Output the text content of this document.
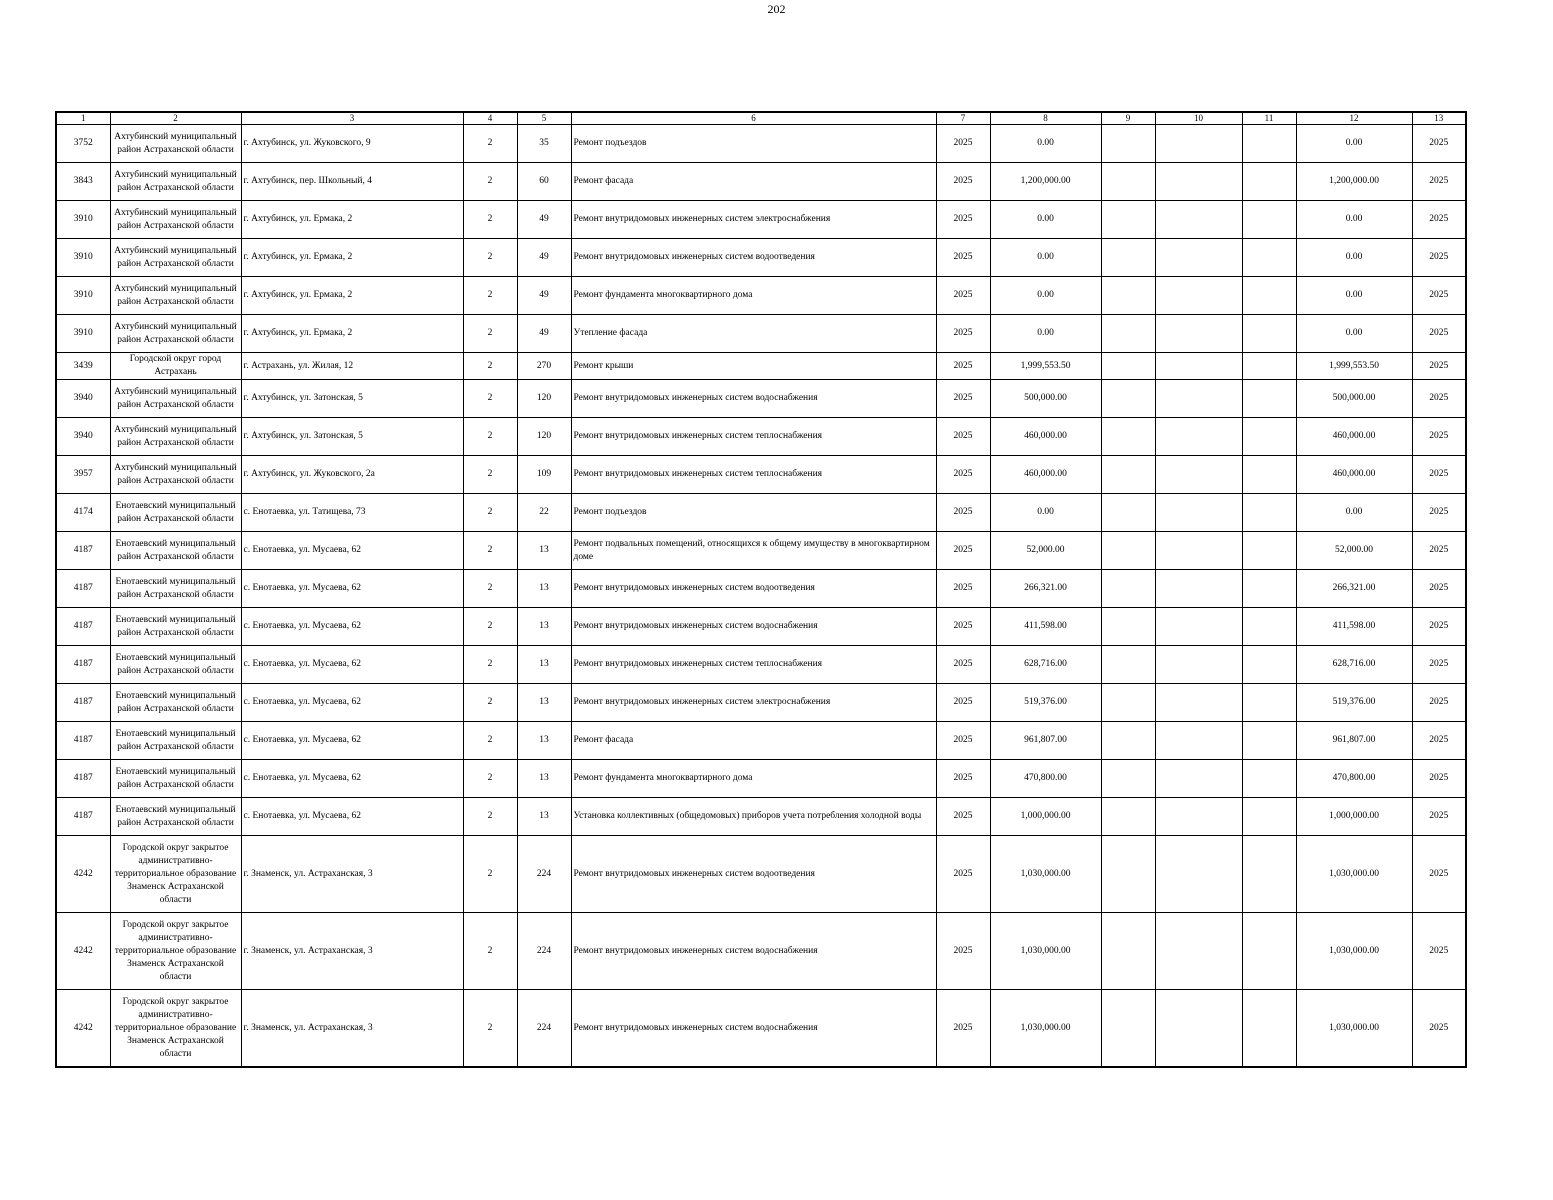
202
1	2	3	4	5	6	7	8	9	10	11	12	13
3752	Ахтубинский муниципальный район Астраханской области	г. Ахтубинск, ул. Жуковского, 9	2	35	Ремонт подъездов	2025	0.00				0.00	2025
3843	Ахтубинский муниципальный район Астраханской области	г. Ахтубинск, пер. Школьный, 4	2	60	Ремонт фасада	2025	1,200,000.00				1,200,000.00	2025
3910	Ахтубинский муниципальный район Астраханской области	г. Ахтубинск, ул. Ермака, 2	2	49	Ремонт внутридомовых инженерных систем электроснабжения	2025	0.00				0.00	2025
3910	Ахтубинский муниципальный район Астраханской области	г. Ахтубинск, ул. Ермака, 2	2	49	Ремонт внутридомовых инженерных систем водоотведения	2025	0.00				0.00	2025
3910	Ахтубинский муниципальный район Астраханской области	г. Ахтубинск, ул. Ермака, 2	2	49	Ремонт фундамента многоквартирного дома	2025	0.00				0.00	2025
3910	Ахтубинский муниципальный район Астраханской области	г. Ахтубинск, ул. Ермака, 2	2	49	Утепление фасада	2025	0.00				0.00	2025
3439	Городской округ город Астрахань	г. Астрахань, ул. Жилая, 12	2	270	Ремонт крыши	2025	1,999,553.50				1,999,553.50	2025
3940	Ахтубинский муниципальный район Астраханской области	г. Ахтубинск, ул. Затонская, 5	2	120	Ремонт внутридомовых инженерных систем водоснабжения	2025	500,000.00				500,000.00	2025
3940	Ахтубинский муниципальный район Астраханской области	г. Ахтубинск, ул. Затонская, 5	2	120	Ремонт внутридомовых инженерных систем теплоснабжения	2025	460,000.00				460,000.00	2025
3957	Ахтубинский муниципальный район Астраханской области	г. Ахтубинск, ул. Жуковского, 2а	2	109	Ремонт внутридомовых инженерных систем теплоснабжения	2025	460,000.00				460,000.00	2025
4174	Енотаевский муниципальный район Астраханской области	с. Енотаевка, ул. Татищева, 73	2	22	Ремонт подъездов	2025	0.00				0.00	2025
4187	Енотаевский муниципальный район Астраханской области	с. Енотаевка, ул. Мусаева, 62	2	13	Ремонт подвальных помещений, относящихся к общему имуществу в многоквартирном доме	2025	52,000.00				52,000.00	2025
4187	Енотаевский муниципальный район Астраханской области	с. Енотаевка, ул. Мусаева, 62	2	13	Ремонт внутридомовых инженерных систем водоотведения	2025	266,321.00				266,321.00	2025
4187	Енотаевский муниципальный район Астраханской области	с. Енотаевка, ул. Мусаева, 62	2	13	Ремонт внутридомовых инженерных систем водоснабжения	2025	411,598.00				411,598.00	2025
4187	Енотаевский муниципальный район Астраханской области	с. Енотаевка, ул. Мусаева, 62	2	13	Ремонт внутридомовых инженерных систем теплоснабжения	2025	628,716.00				628,716.00	2025
4187	Енотаевский муниципальный район Астраханской области	с. Енотаевка, ул. Мусаева, 62	2	13	Ремонт внутридомовых инженерных систем электроснабжения	2025	519,376.00				519,376.00	2025
4187	Енотаевский муниципальный район Астраханской области	с. Енотаевка, ул. Мусаева, 62	2	13	Ремонт фасада	2025	961,807.00				961,807.00	2025
4187	Енотаевский муниципальный район Астраханской области	с. Енотаевка, ул. Мусаева, 62	2	13	Ремонт фундамента многоквартирного дома	2025	470,800.00				470,800.00	2025
4187	Енотаевский муниципальный район Астраханской области	с. Енотаевка, ул. Мусаева, 62	2	13	Установка коллективных (общедомовых) приборов учета потребления холодной воды	2025	1,000,000.00				1,000,000.00	2025
4242	Городской округ закрытое административно-территориальное образование Знаменск Астраханской области	г. Знаменск, ул. Астраханская, 3	2	224	Ремонт внутридомовых инженерных систем водоотведения	2025	1,030,000.00				1,030,000.00	2025
4242	Городской округ закрытое административно-территориальное образование Знаменск Астраханской области	г. Знаменск, ул. Астраханская, 3	2	224	Ремонт внутридомовых инженерных систем водоснабжения	2025	1,030,000.00				1,030,000.00	2025
4242	Городской округ закрытое административно-территориальное образование Знаменск Астраханской области	г. Знаменск, ул. Астраханская, 3	2	224	Ремонт внутридомовых инженерных систем водоснабжения	2025	1,030,000.00				1,030,000.00	2025
